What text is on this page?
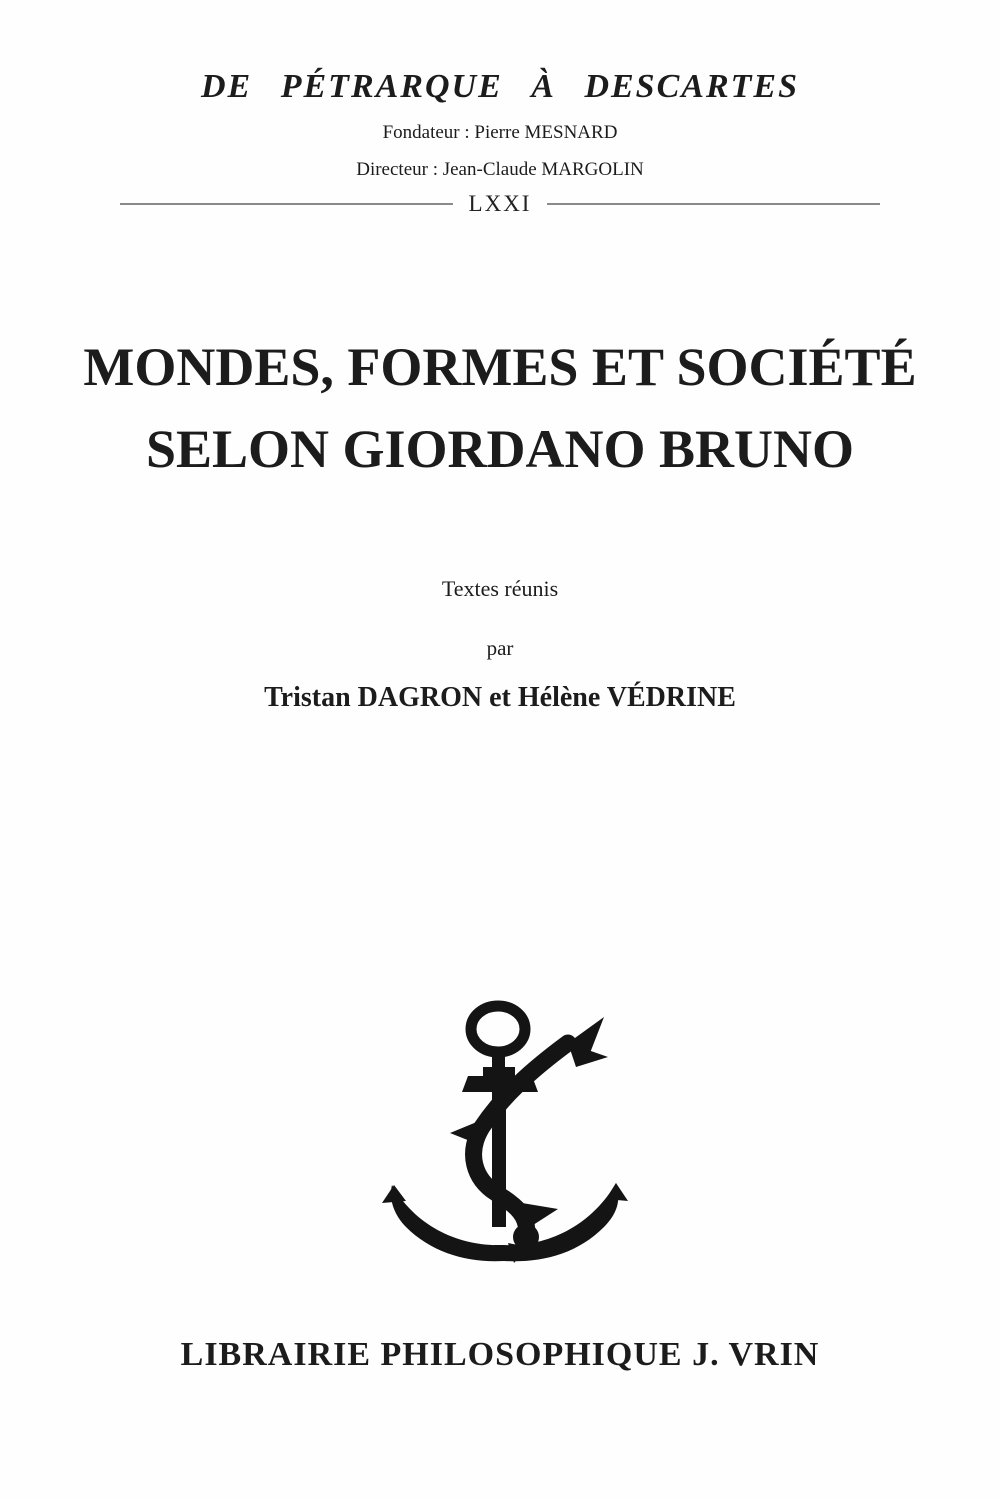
DE PÉTRARQUE À DESCARTES
Fondateur : Pierre MESNARD
Directeur : Jean-Claude MARGOLIN
LXXI
MONDES, FORMES ET SOCIÉTÉ
SELON GIORDANO BRUNO
Textes réunis
par
Tristan DAGRON et Hélène VÉDRINE
LIBRAIRIE PHILOSOPHIQUE J. VRIN
